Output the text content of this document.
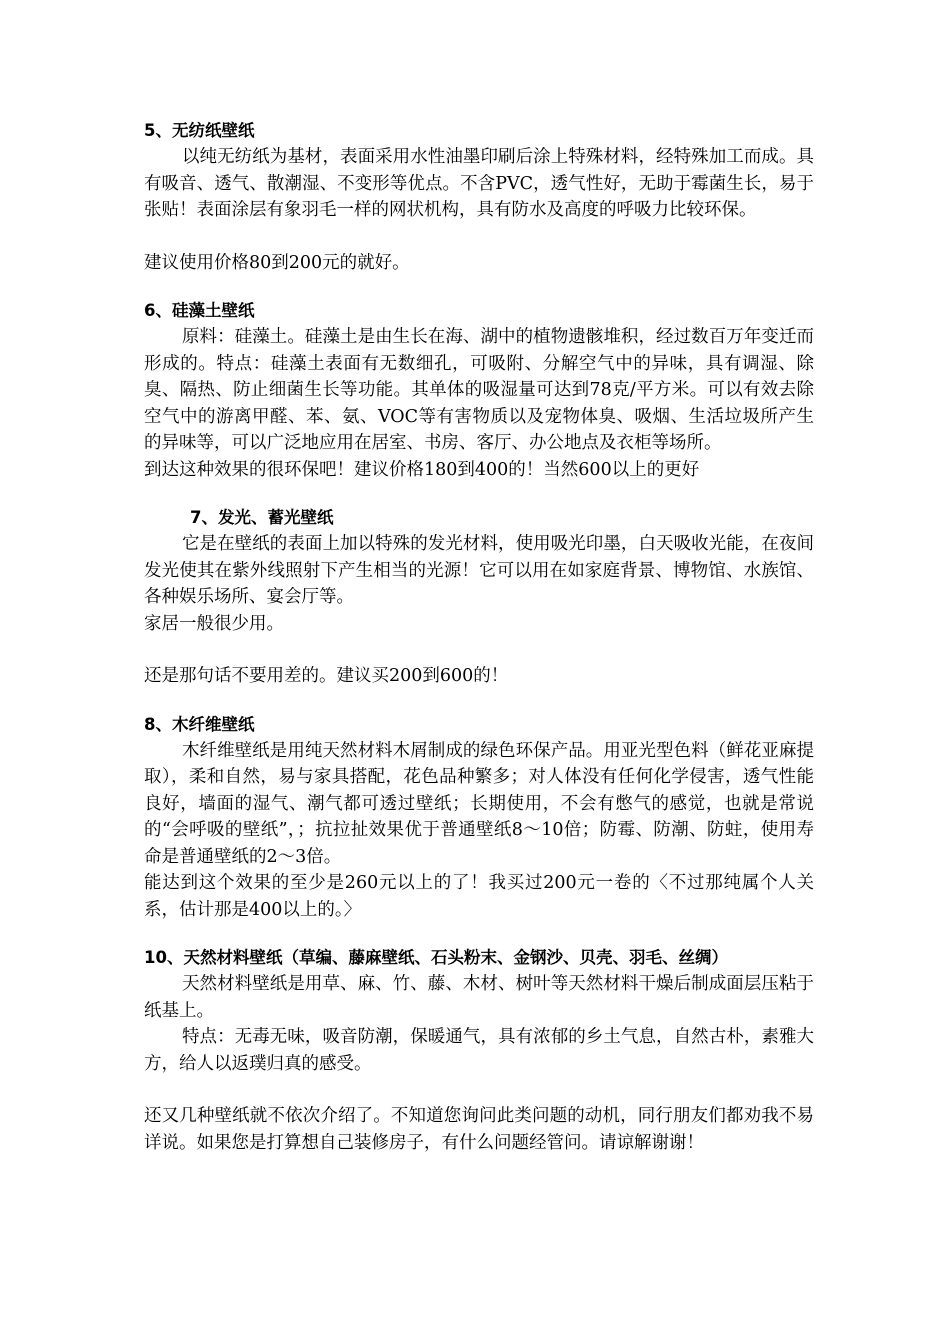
5、无纺纸壁纸

以纯无纺纸为基材，表面采用水性油墨印刷后涂上特殊材料，经特殊加工而成。具有吸音、透气、散潮湿、不变形等优点。不含PVC，透气性好，无助于霉菌生长，易于张贴！表面涂层有象羽毛一样的网状机构，具有防水及高度的呼吸力比较环保。

建议使用价格80到200元的就好。

6、硅藻土壁纸

原料：硅藻土。硅藻土是由生长在海、湖中的植物遗骸堆积，经过数百万年变迁而形成的。特点：硅藻土表面有无数细孔，可吸附、分解空气中的异味，具有调湿、除臭、隔热、防止细菌生长等功能。其单体的吸湿量可达到78克/平方米。可以有效去除空气中的游离甲醛、苯、氨、VOC等有害物质以及宠物体臭、吸烟、生活垃圾所产生的异味等，可以广泛地应用在居室、书房、客厅、办公地点及衣柜等场所。

到达这种效果的很环保吧！建议价格180到400的！当然600以上的更好

7、发光、蓄光壁纸

它是在壁纸的表面上加以特殊的发光材料，使用吸光印墨，白天吸收光能，在夜间发光使其在紫外线照射下产生相当的光源！它可以用在如家庭背景、博物馆、水族馆、各种娱乐场所、宴会厅等。

家居一般很少用。

还是那句话不要用差的。建议买200到600的！

8、木纤维壁纸

木纤维壁纸是用纯天然材料木屑制成的绿色环保产品。用亚光型色料（鲜花亚麻提取），柔和自然，易与家具搭配，花色品种繁多；对人体没有任何化学侵害，透气性能良好，墙面的湿气、潮气都可透过壁纸；长期使用，不会有憋气的感觉，也就是常说的“会呼吸的壁纸”，；抗拉扯效果优于普通壁纸8～10倍；防霉、防潮、防蛀，使用寿命是普通壁纸的2～3倍。

能达到这个效果的至少是260元以上的了！我买过200元一卷的〈不过那纯属个人关系，估计那是400以上的。〉

10、天然材料壁纸（草编、藤麻壁纸、石头粉末、金钢沙、贝壳、羽毛、丝绸）

天然材料壁纸是用草、麻、竹、藤、木材、树叶等天然材料干燥后制成面层压粘于纸基上。

特点：无毒无味，吸音防潮，保暖通气，具有浓郁的乡土气息，自然古朴，素雅大方，给人以返璞归真的感受。

还又几种壁纸就不依次介绍了。不知道您询问此类问题的动机，同行朋友们都劝我不易详说。如果您是打算想自己装修房子，有什么问题经管问。请谅解谢谢！
